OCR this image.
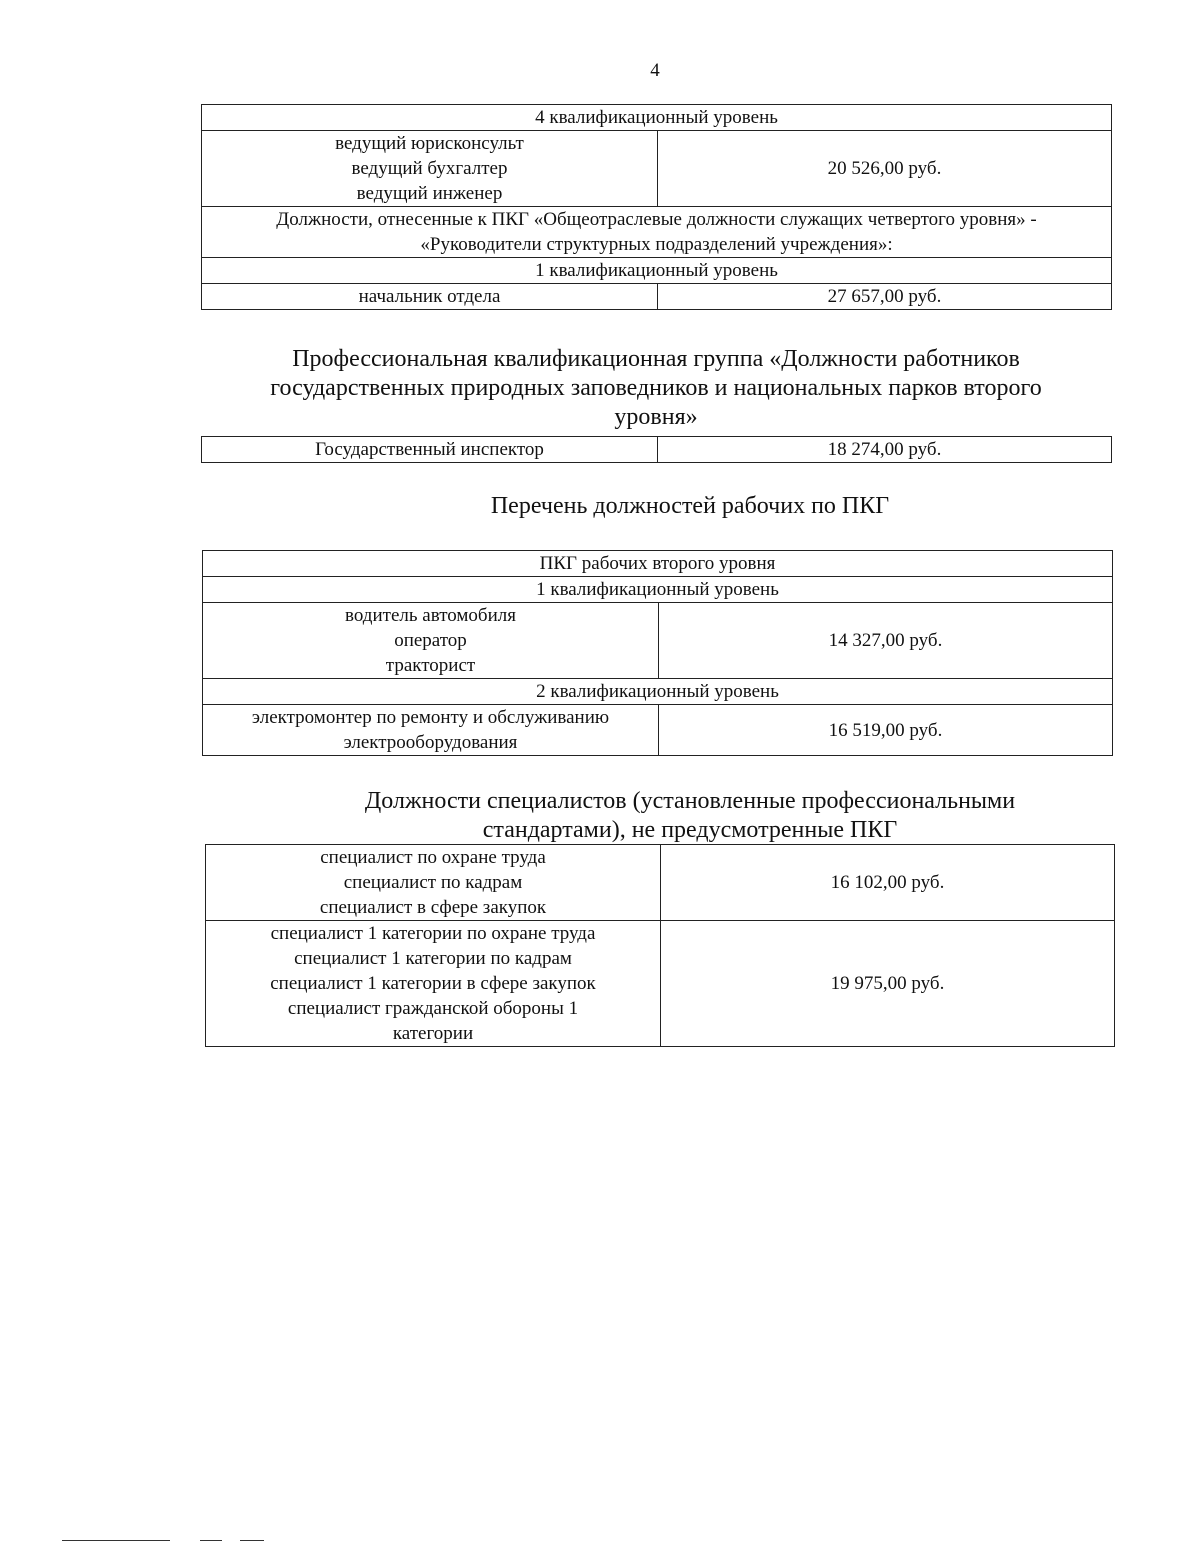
4
4 квалификационный уровень	

ведущий юрисконсульт
ведущий бухгалтер
ведущий инженер	20 526,00 руб.

Должности, отнесенные к ПКГ «Общеотраслевые должности служащих четвертого уровня» -
«Руководители структурных подразделений учреждения»:	

1 квалификационный уровень	
начальник отдела	27 657,00 руб.
Профессиональная квалификационная группа «Должности работников
государственных природных заповедников и национальных парков второго
уровня»
Государственный инспектор	18 274,00 руб.
Перечень должностей рабочих по ПКГ
ПКГ рабочих второго уровня	
1 квалификационный уровень	

водитель автомобиля
оператор
тракторист	14 327,00 руб.
2 квалификационный уровень	

электромонтер по ремонту и обслуживанию
электрооборудования	16 519,00 руб.
Должности специалистов (установленные профессиональными
стандартами), не предусмотренные ПКГ
специалист по охране труда
специалист по кадрам
специалист в сфере закупок	16 102,00 руб.

специалист 1 категории по охране труда
специалист 1 категории по кадрам
специалист 1 категории в сфере закупок
специалист гражданской обороны 1
категории	19 975,00 руб.
